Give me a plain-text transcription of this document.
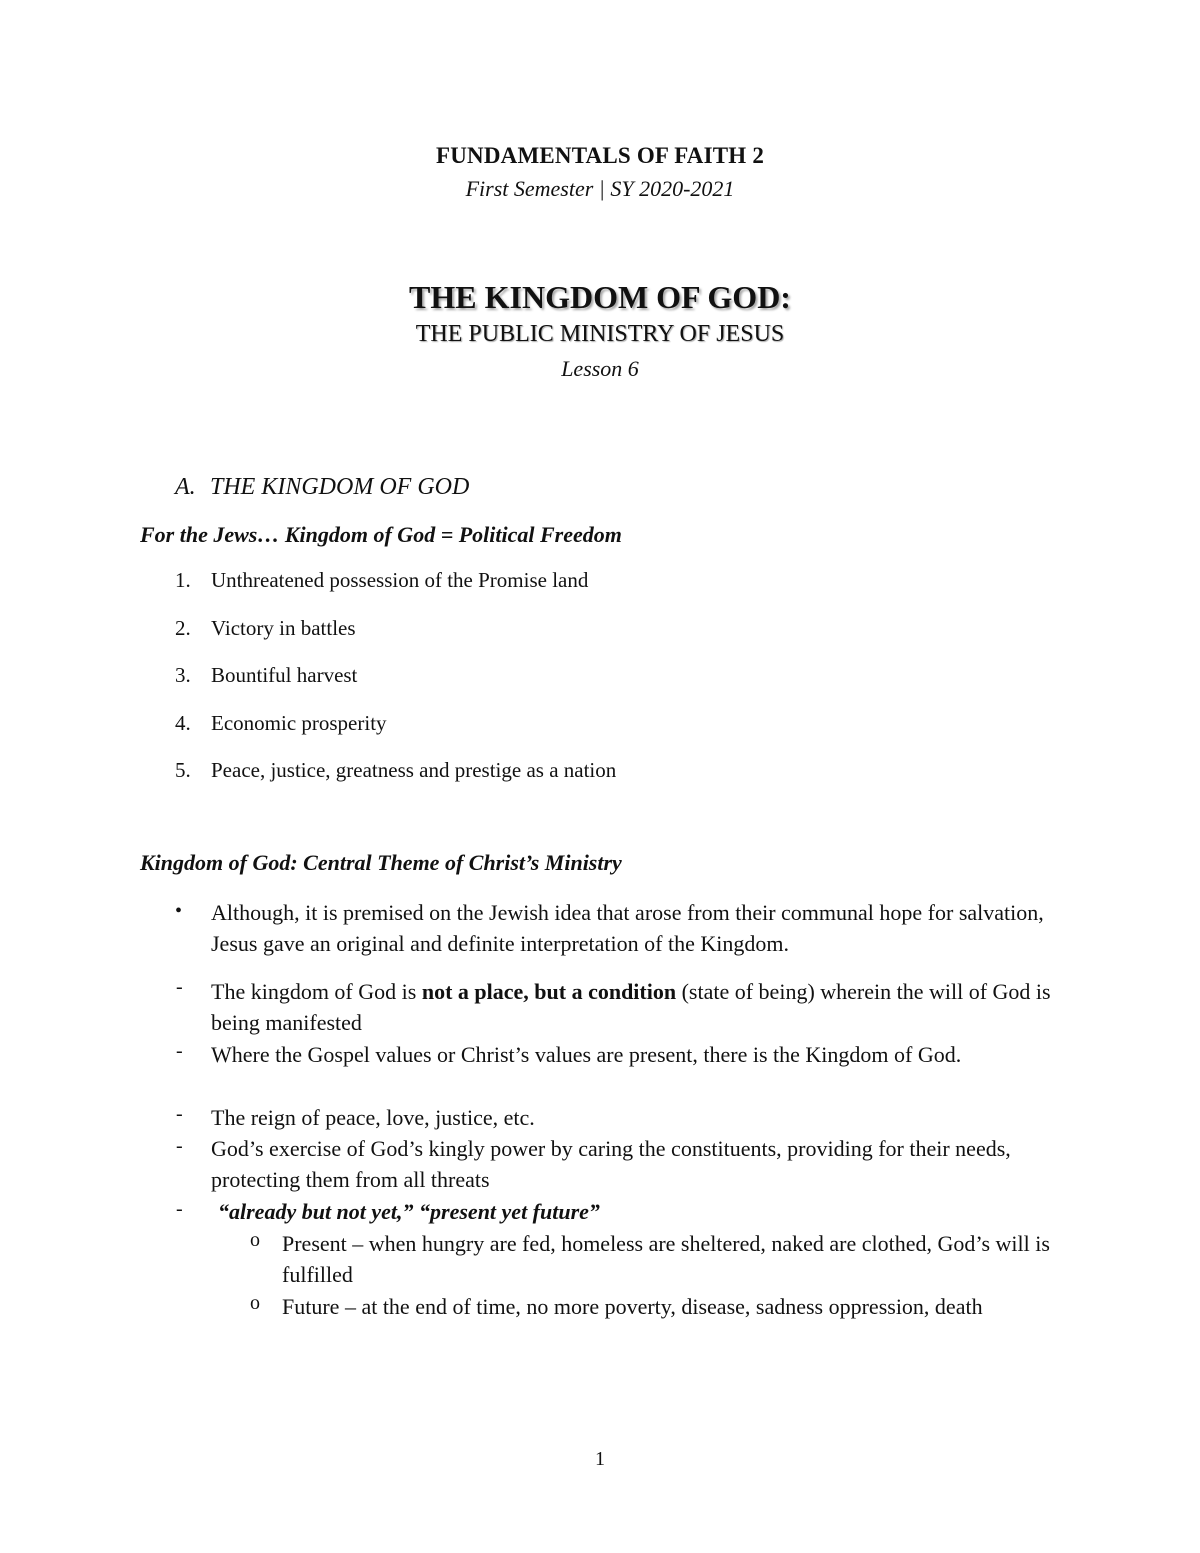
FUNDAMENTALS OF FAITH 2
First Semester | SY 2020-2021
THE KINGDOM OF GOD:
THE PUBLIC MINISTRY OF JESUS
Lesson 6
A. THE KINGDOM OF GOD
For the Jews… Kingdom of God = Political Freedom
1. Unthreatened possession of the Promise land
2. Victory in battles
3. Bountiful harvest
4. Economic prosperity
5. Peace, justice, greatness and prestige as a nation
Kingdom of God: Central Theme of Christ’s Ministry
• Although, it is premised on the Jewish idea that arose from their communal hope for salvation, Jesus gave an original and definite interpretation of the Kingdom.
- The kingdom of God is not a place, but a condition (state of being) wherein the will of God is being manifested
- Where the Gospel values or Christ’s values are present, there is the Kingdom of God.
- The reign of peace, love, justice, etc.
- God’s exercise of God’s kingly power by caring the constituents, providing for their needs, protecting them from all threats
- “already but not yet,” “present yet future”
o Present – when hungry are fed, homeless are sheltered, naked are clothed, God’s will is fulfilled
o Future – at the end of time, no more poverty, disease, sadness oppression, death
1
